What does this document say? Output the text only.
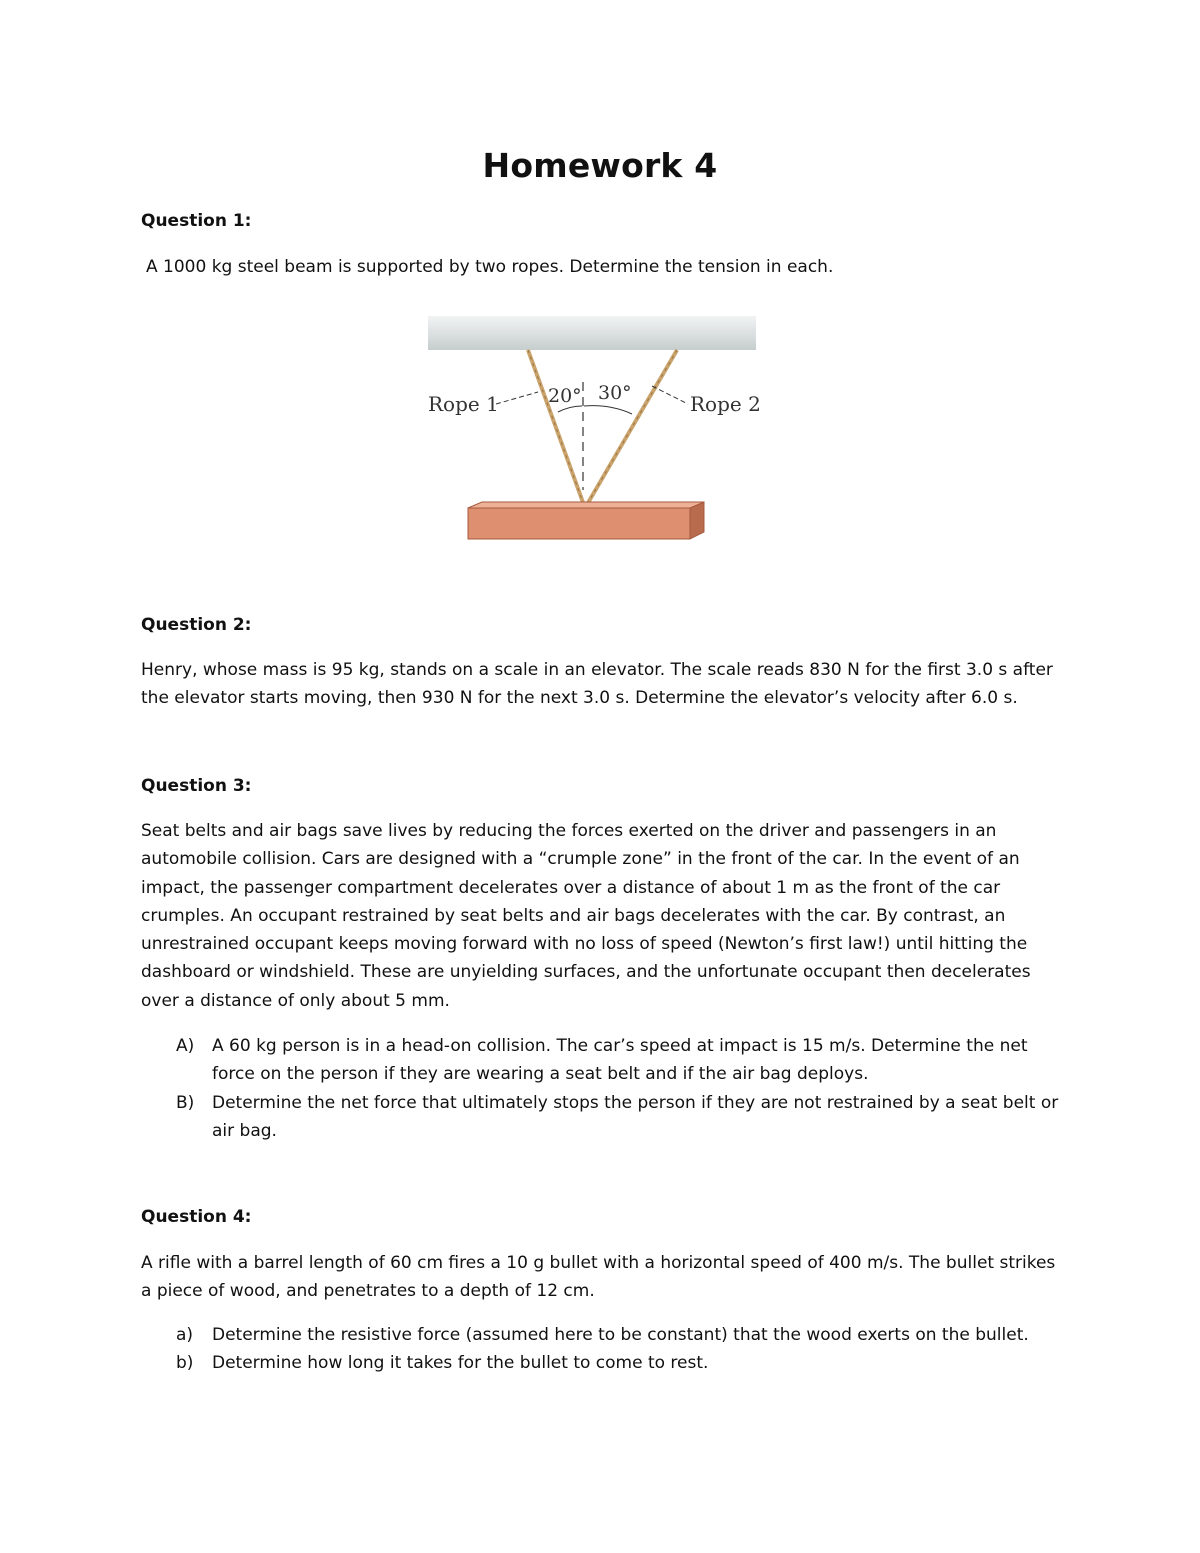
Homework 4
Question 1:
A 1000 kg steel beam is supported by two ropes. Determine the tension in each.
Rope 1	Rope 2
20° 30°
Question 2:
Henry, whose mass is 95 kg, stands on a scale in an elevator. The scale reads 830 N for the first 3.0 s after the elevator starts moving, then 930 N for the next 3.0 s. Determine the elevator’s velocity after 6.0 s.
Question 3:
Seat belts and air bags save lives by reducing the forces exerted on the driver and passengers in an automobile collision. Cars are designed with a “crumple zone” in the front of the car. In the event of an impact, the passenger compartment decelerates over a distance of about 1 m as the front of the car crumples. An occupant restrained by seat belts and air bags decelerates with the car. By contrast, an unrestrained occupant keeps moving forward with no loss of speed (Newton’s first law!) until hitting the dashboard or windshield. These are unyielding surfaces, and the unfortunate occupant then decelerates over a distance of only about 5 mm.
A)	A 60 kg person is in a head-on collision. The car’s speed at impact is 15 m/s. Determine the net force on the person if they are wearing a seat belt and if the air bag deploys.
B)	Determine the net force that ultimately stops the person if they are not restrained by a seat belt or air bag.
Question 4:
A rifle with a barrel length of 60 cm fires a 10 g bullet with a horizontal speed of 400 m/s. The bullet strikes a piece of wood, and penetrates to a depth of 12 cm.
a)	Determine the resistive force (assumed here to be constant) that the wood exerts on the bullet.
b)	Determine how long it takes for the bullet to come to rest.
